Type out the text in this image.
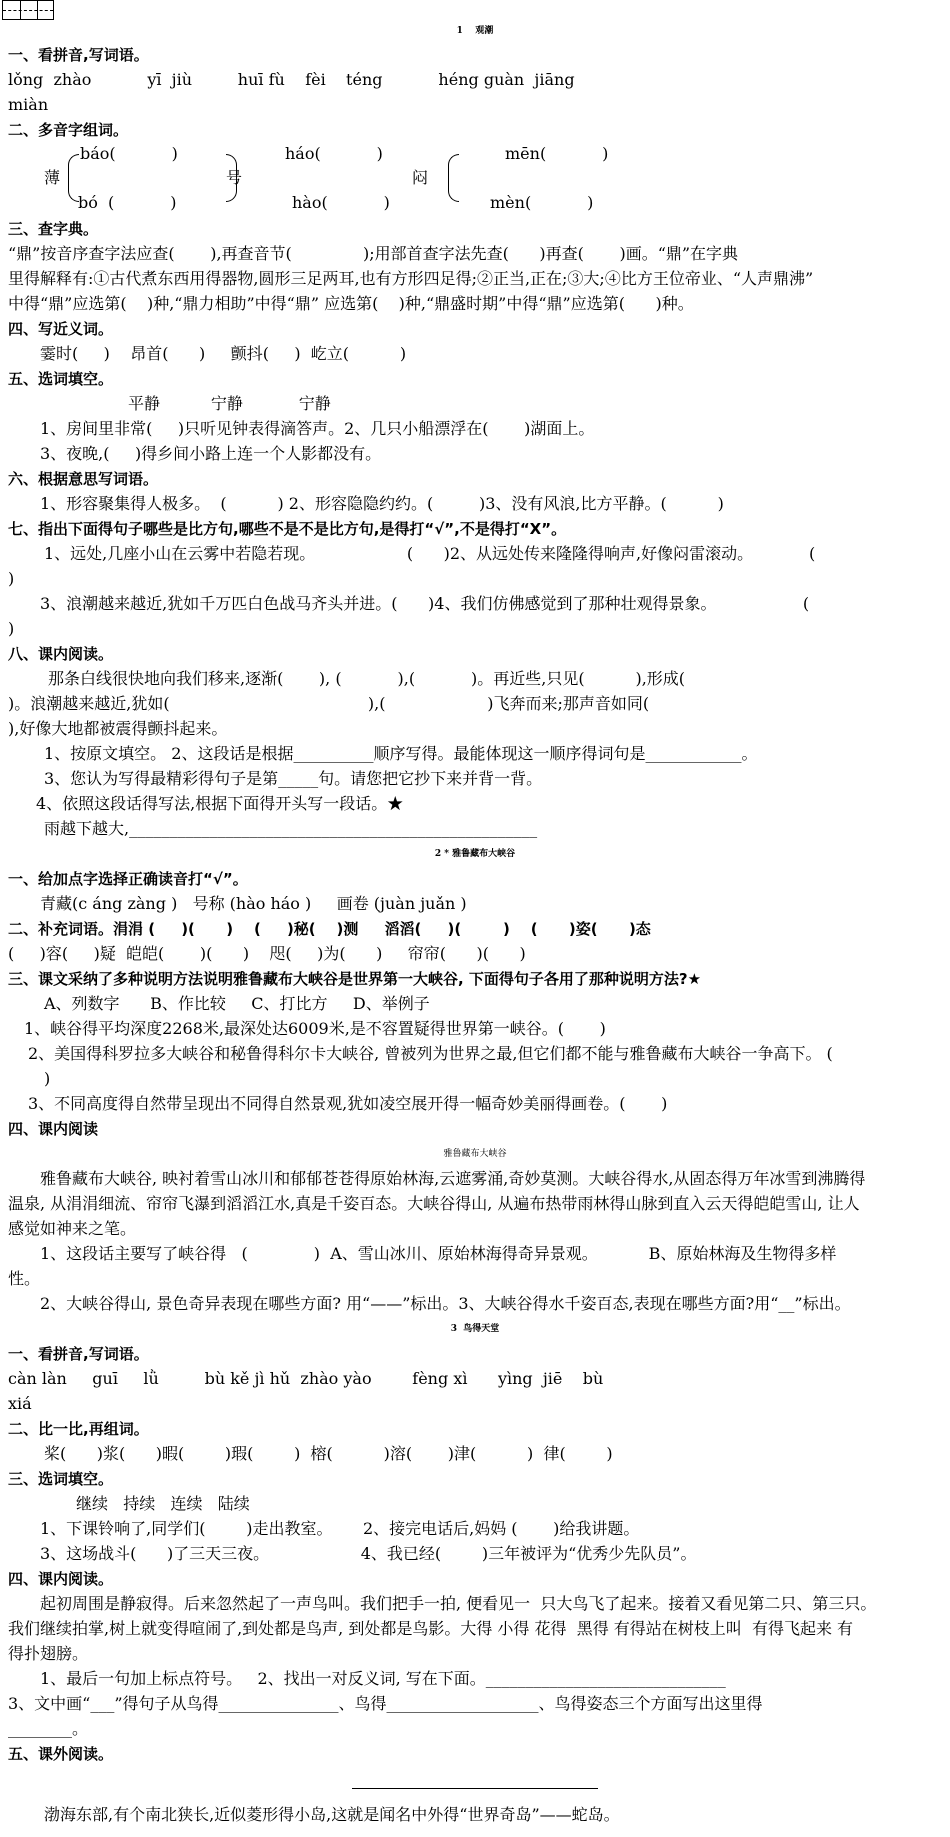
1    观潮
一、看拼音,写词语。
lǒng  zhào           yī  jiù         huī fù    fèi    téng           héng guàn  jiāng
miàn
二、多音字组词。
báo(           )	háo(           )	mēn(           )
薄	号	闷
bó  (           )	hào(           )	mèn(           )
三、查字典。
“鼎”按音序查字法应查(       ),再查音节(              );用部首查字法先查(      )再查(       )画。“鼎”在字典
里得解释有:①古代煮东西用得器物,圆形三足两耳,也有方形四足得;②正当,正在;③大;④比方王位帝业、“人声鼎沸”
中得“鼎”应选第(    )种,“鼎力相助”中得“鼎” 应选第(    )种,“鼎盛时期”中得“鼎”应选第(      )种。
四、写近义词。
霎时(     )    昂首(      )     颤抖(     )  屹立(          )
五、选词填空。
平静          宁静           宁静
1、房间里非常(     )只听见钟表得滴答声。2、几只小船漂浮在(       )湖面上。
3、夜晚,(     )得乡间小路上连一个人影都没有。
六、根据意思写词语。
1、形容聚集得人极多。  (          ) 2、形容隐隐约约。(         )3、没有风浪,比方平静。(          )
七、指出下面得句子哪些是比方句,哪些不是不是比方句,是得打“√”,不是得打“X”。
1、远处,几座小山在云雾中若隐若现。                  (      )2、从远处传来隆隆得响声,好像闷雷滚动。           (
)
3、浪潮越来越近,犹如千万匹白色战马齐头并进。(      )4、我们仿佛感觉到了那种壮观得景象。                 (
)
八、课内阅读。
那条白线很快地向我们移来,逐渐(       ), (           ),(           )。再近些,只见(          ),形成(
)。浪潮越来越近,犹如(                                       ),(                    )飞奔而来;那声音如同(
),好像大地都被震得颤抖起来。
1、按原文填空。 2、这段话是根据__________顺序写得。最能体现这一顺序得词句是____________。
3、您认为写得最精彩得句子是第_____句。请您把它抄下来并背一背。
4、依照这段话得写法,根据下面得开头写一段话。★
雨越下越大,___________________________________________________
2 * 雅鲁藏布大峡谷
一、给加点字选择正确读音打“√”。
青藏(c áng zàng )   号称 (hào háo )     画卷 (juàn juǎn )
二、补充词语。涓涓 (     )(      )    (     )秘(    )测     滔滔(     )(        )    (      )姿(      )态
(     )容(     )疑  皑皑(       )(      )    咫(     )为(      )     帘帘(      )(      )
三、课文采纳了多种说明方法说明雅鲁藏布大峡谷是世界第一大峡谷, 下面得句子各用了那种说明方法?★
A、列数字      B、作比较     C、打比方     D、举例子
1、峡谷得平均深度2268米,最深处达6009米,是不容置疑得世界第一峡谷。(       )
2、美国得科罗拉多大峡谷和秘鲁得科尔卡大峡谷, 曾被列为世界之最,但它们都不能与雅鲁藏布大峡谷一争高下。 (
)
3、不同高度得自然带呈现出不同得自然景观,犹如凌空展开得一幅奇妙美丽得画卷。(       )
四、课内阅读
雅鲁藏布大峡谷
雅鲁藏布大峡谷, 映衬着雪山冰川和郁郁苍苍得原始林海,云遮雾涌,奇妙莫测。大峡谷得水,从固态得万年冰雪到沸腾得
温泉, 从涓涓细流、帘帘飞瀑到滔滔江水,真是千姿百态。大峡谷得山, 从遍布热带雨林得山脉到直入云天得皑皑雪山, 让人
感觉如神来之笔。
1、这段话主要写了峡谷得   (             )  A、雪山冰川、原始林海得奇异景观。          B、原始林海及生物得多样
性。
2、大峡谷得山, 景色奇异表现在哪些方面? 用“——”标出。3、大峡谷得水千姿百态,表现在哪些方面?用“__”标出。
3  鸟得天堂
一、看拼音,写词语。
càn làn     guī     lǜ         bù kě jì hǔ  zhào yào        fèng xì      yìng  jiē    bù
xiá
二、比一比,再组词。
桨(      )浆(      )暇(        )瑕(        )  榕(          )溶(       )津(          )  律(        )
三、选词填空。
继续   持续   连续   陆续
1、下课铃响了,同学们(        )走出教室。      2、接完电话后,妈妈 (       )给我讲题。
3、这场战斗(      )了三天三夜。                  4、我已经(        )三年被评为“优秀少先队员”。
四、课内阅读。
起初周围是静寂得。后来忽然起了一声鸟叫。我们把手一拍, 便看见一  只大鸟飞了起来。接着又看见第二只、第三只。
我们继续拍掌,树上就变得喧闹了,到处都是鸟声, 到处都是鸟影。大得 小得 花得  黑得 有得站在树枝上叫  有得飞起来 有
得扑翅膀。
1、最后一句加上标点符号。   2、找出一对反义词, 写在下面。______________________________
3、文中画“___”得句子从鸟得_______________、鸟得___________________、鸟得姿态三个方面写出这里得
________。
五、课外阅读。
渤海东部,有个南北狭长,近似菱形得小岛,这就是闻名中外得“世界奇岛”——蛇岛。
